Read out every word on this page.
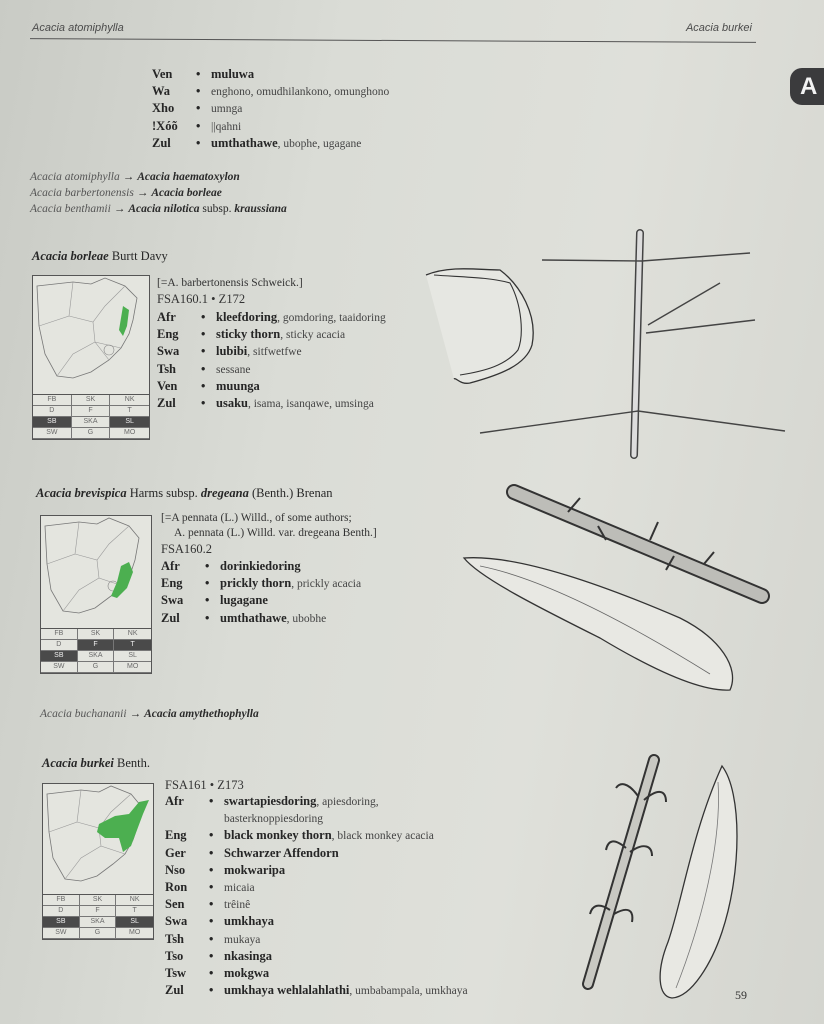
Acacia atomiphylla	Acacia burkei
A
Ven	• muluwa
Wa	• enghono, omudhilankono, omunghono
Xho	• umnga
!Xóõ	• ||qahni
Zul	• umthathawe, ubophe, ugagane
Acacia atomiphylla → Acacia haematoxylon
Acacia barbertonensis → Acacia borleae
Acacia benthamii → Acacia nilotica subsp. kraussiana
Acacia borleae Burtt Davy
[=A. barbertonensis Schweick.]
FSA160.1 • Z172
Afr	• kleefdoring, gomdoring, taaidoring
Eng	• sticky thorn, sticky acacia
Swa	• lubibi, sitfwetfwe
Tsh	• sessane
Ven	• muunga
Zul	• usaku, isama, isanqawe, umsinga
FB	SK	NK
D	F	T
SB	SKA	SL
SW	G	MO
Acacia brevispica Harms subsp. dregeana (Benth.) Brenan
[=A pennata (L.) Willd., of some authors;
A. pennata (L.) Willd. var. dregeana Benth.]
FSA160.2
Afr	• dorinkiedoring
Eng	• prickly thorn, prickly acacia
Swa	• lugagane
Zul	• umthathawe, ubobhe
FB	SK	NK
D	F	T
SB	SKA	SL
SW	G	MO
Acacia buchananii → Acacia amythethophylla
Acacia burkei Benth.
FSA161 • Z173
Afr	• swartapiesdoring, apiesdoring,
basterknoppiesdoring
Eng	• black monkey thorn, black monkey acacia
Ger	• Schwarzer Affendorn
Nso	• mokwaripa
Ron	• micaia
Sen	• trêinê
Swa	• umkhaya
Tsh	• mukaya
Tso	• nkasinga
Tsw	• mokgwa
Zul	• umkhaya wehlalahlathi, umbabampala, umkhaya
FB	SK	NK
D	F	T
SB	SKA	SL
SW	G	MO
59
